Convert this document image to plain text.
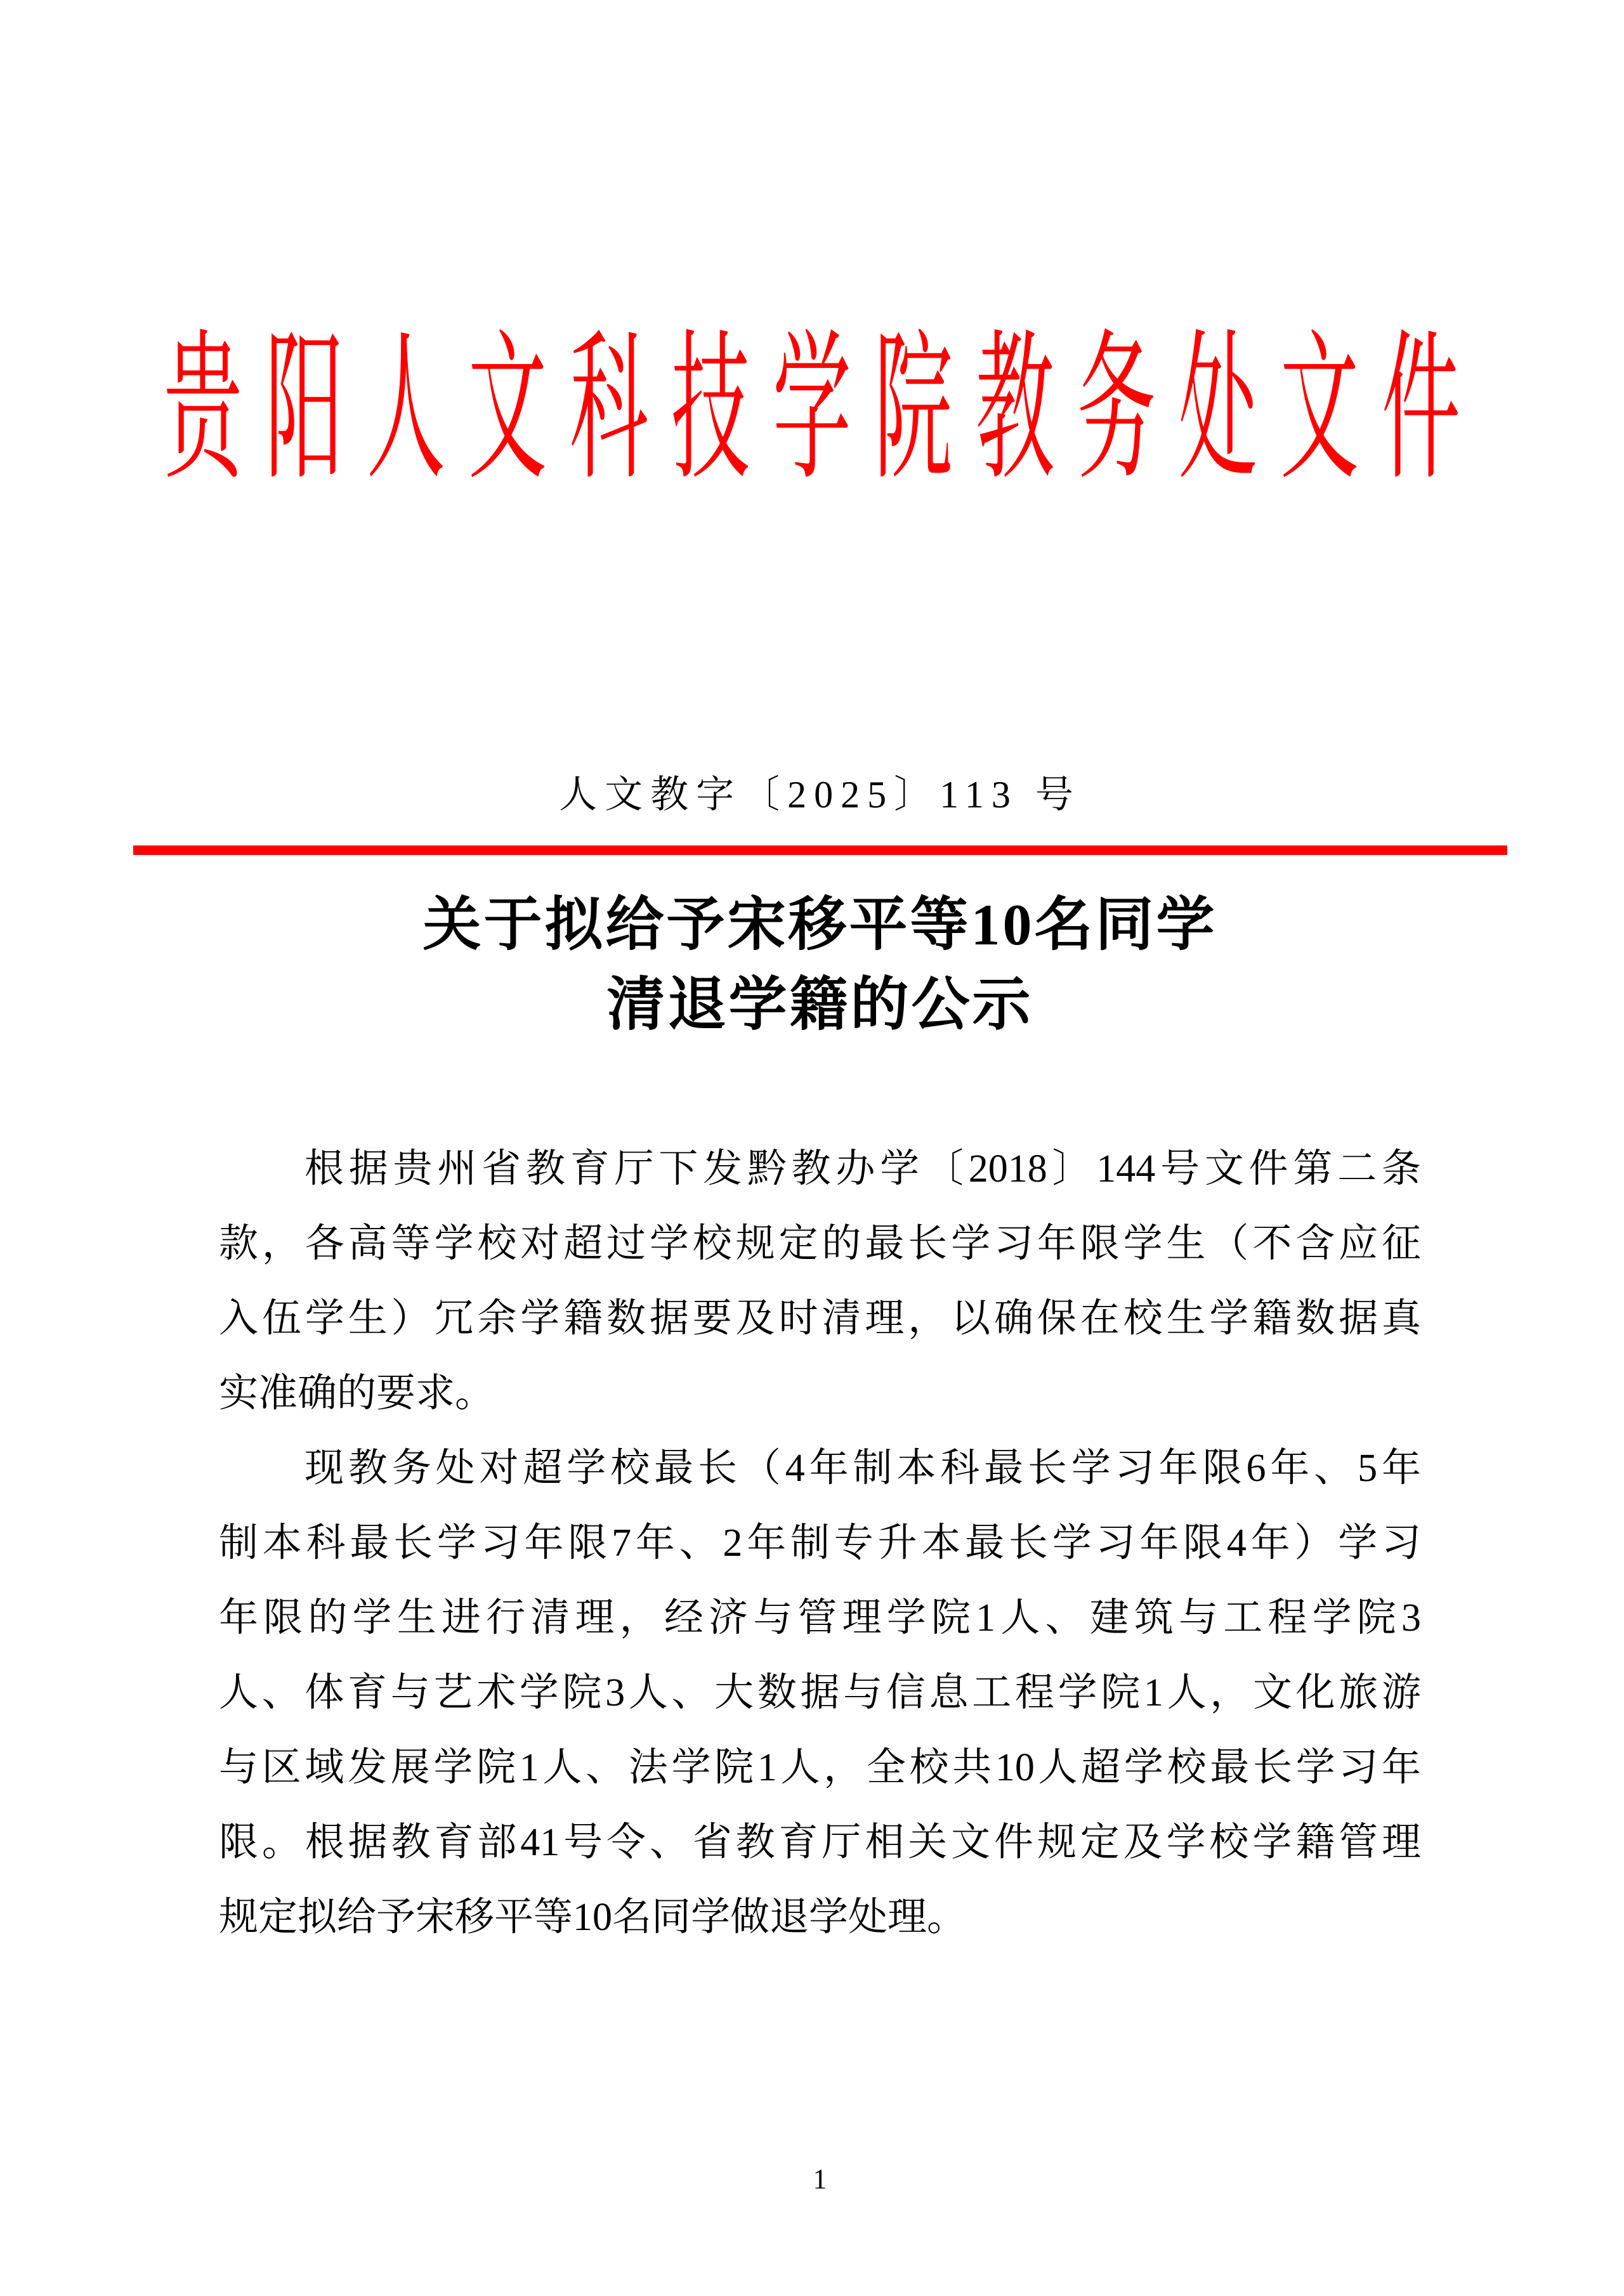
贵阳人文科技学院教务处文件
人文教字〔2025〕113 号
关于拟给予宋移平等10名同学
清退学籍的公示
根据贵州省教育厅下发黔教办学〔2018〕144号文件第二条
款，各高等学校对超过学校规定的最长学习年限学生（不含应征
入伍学生）冗余学籍数据要及时清理，以确保在校生学籍数据真
实准确的要求。
现教务处对超学校最长（4年制本科最长学习年限6年、5年
制本科最长学习年限7年、2年制专升本最长学习年限4年）学习
年限的学生进行清理，经济与管理学院1人、建筑与工程学院3
人、体育与艺术学院3人、大数据与信息工程学院1人，文化旅游
与区域发展学院1人、法学院1人，全校共10人超学校最长学习年
限。根据教育部41号令、省教育厅相关文件规定及学校学籍管理
规定拟给予宋移平等10名同学做退学处理。
1
